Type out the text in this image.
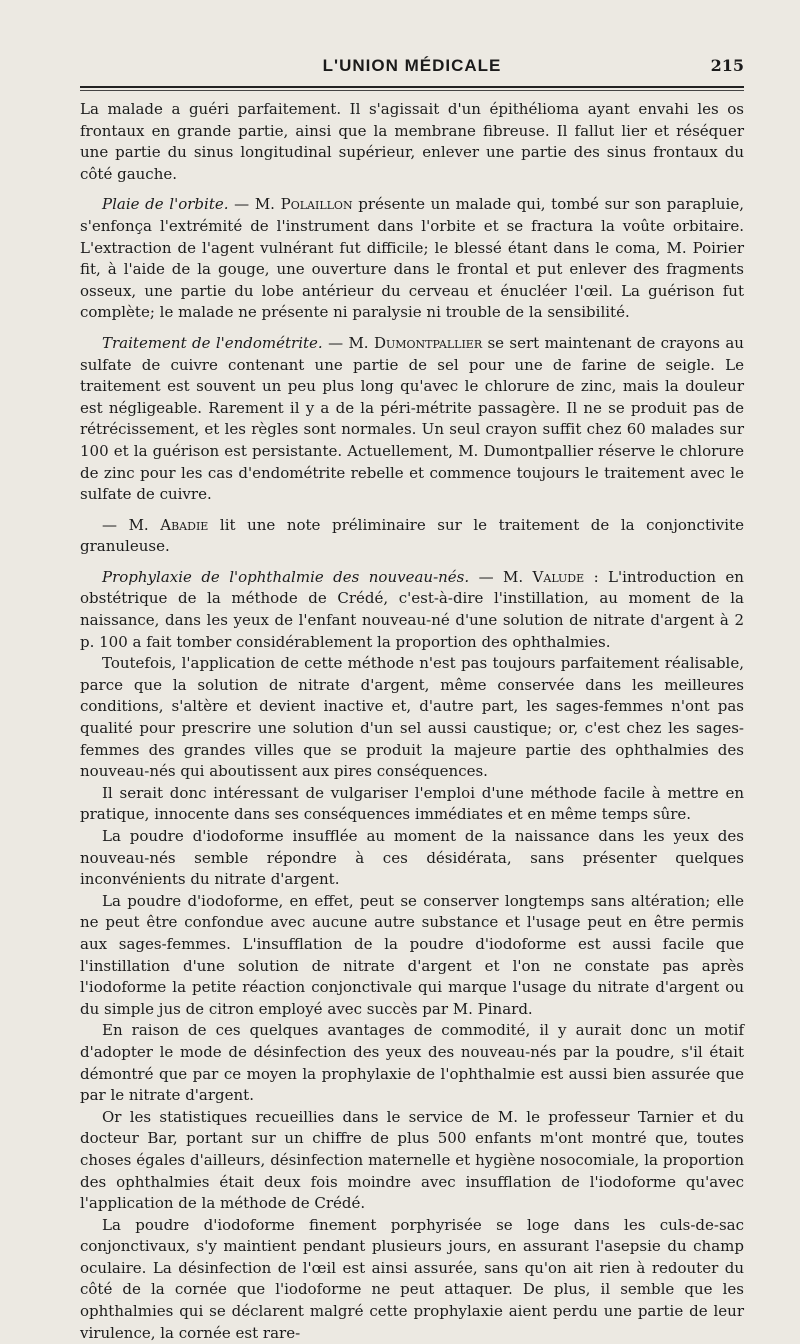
L'UNION MÉDICALE	215

La malade a guéri parfaitement. Il s'agissait d'un épithélioma ayant envahi les os frontaux en grande partie, ainsi que la membrane fibreuse. Il fallut lier et réséquer une partie du sinus longitudinal supérieur, enlever une partie des sinus frontaux du côté gauche.

Plaie de l'orbite. — M. Polaillon présente un malade qui, tombé sur son parapluie, s'enfonça l'extrémité de l'instrument dans l'orbite et se fractura la voûte orbitaire. L'extraction de l'agent vulnérant fut difficile; le blessé étant dans le coma, M. Poirier fit, à l'aide de la gouge, une ouverture dans le frontal et put enlever des fragments osseux, une partie du lobe antérieur du cerveau et énucléer l'œil. La guérison fut complète; le malade ne présente ni paralysie ni trouble de la sensibilité.

Traitement de l'endométrite. — M. Dumontpallier se sert maintenant de crayons au sulfate de cuivre contenant une partie de sel pour une de farine de seigle. Le traitement est souvent un peu plus long qu'avec le chlorure de zinc, mais la douleur est négligeable. Rarement il y a de la péri-métrite passagère. Il ne se produit pas de rétrécissement, et les règles sont normales. Un seul crayon suffit chez 60 malades sur 100 et la guérison est persistante. Actuellement, M. Dumontpallier réserve le chlorure de zinc pour les cas d'endométrite rebelle et commence toujours le traitement avec le sulfate de cuivre.

— M. Abadie lit une note préliminaire sur le traitement de la conjonctivite granuleuse.

Prophylaxie de l'ophthalmie des nouveau-nés. — M. Valude : L'introduction en obstétrique de la méthode de Crédé, c'est-à-dire l'instillation, au moment de la naissance, dans les yeux de l'enfant nouveau-né d'une solution de nitrate d'argent à 2 p. 100 a fait tomber considérablement la proportion des ophthalmies.

Toutefois, l'application de cette méthode n'est pas toujours parfaitement réalisable, parce que la solution de nitrate d'argent, même conservée dans les meilleures conditions, s'altère et devient inactive et, d'autre part, les sages-femmes n'ont pas qualité pour prescrire une solution d'un sel aussi caustique; or, c'est chez les sages-femmes des grandes villes que se produit la majeure partie des ophthalmies des nouveau-nés qui aboutissent aux pires conséquences.

Il serait donc intéressant de vulgariser l'emploi d'une méthode facile à mettre en pratique, innocente dans ses conséquences immédiates et en même temps sûre.

La poudre d'iodoforme insufflée au moment de la naissance dans les yeux des nouveau-nés semble répondre à ces désidérata, sans présenter quelques inconvénients du nitrate d'argent.

La poudre d'iodoforme, en effet, peut se conserver longtemps sans altération; elle ne peut être confondue avec aucune autre substance et l'usage peut en être permis aux sages-femmes. L'insufflation de la poudre d'iodoforme est aussi facile que l'instillation d'une solution de nitrate d'argent et l'on ne constate pas après l'iodoforme la petite réaction conjonctivale qui marque l'usage du nitrate d'argent ou du simple jus de citron employé avec succès par M. Pinard.

En raison de ces quelques avantages de commodité, il y aurait donc un motif d'adopter le mode de désinfection des yeux des nouveau-nés par la poudre, s'il était démontré que par ce moyen la prophylaxie de l'ophthalmie est aussi bien assurée que par le nitrate d'argent.

Or les statistiques recueillies dans le service de M. le professeur Tarnier et du docteur Bar, portant sur un chiffre de plus 500 enfants m'ont montré que, toutes choses égales d'ailleurs, désinfection maternelle et hygiène nosocomiale, la proportion des ophthalmies était deux fois moindre avec insufflation de l'iodoforme qu'avec l'application de la méthode de Crédé.

La poudre d'iodoforme finement porphyrisée se loge dans les culs-de-sac conjonctivaux, s'y maintient pendant plusieurs jours, en assurant l'asepsie du champ oculaire. La désinfection de l'œil est ainsi assurée, sans qu'on ait rien à redouter du côté de la cornée que l'iodoforme ne peut attaquer. De plus, il semble que les ophthalmies qui se déclarent malgré cette prophylaxie aient perdu une partie de leur virulence, la cornée est rare-
